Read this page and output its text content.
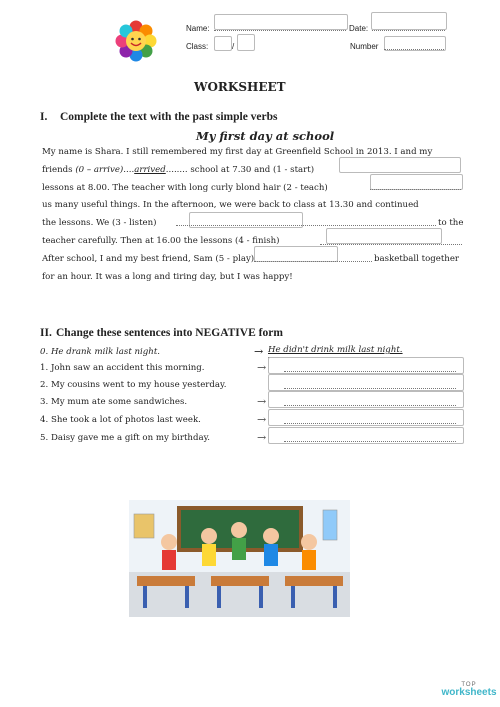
Name:	Date:
Class:	/	Number
WORKSHEET
I. Complete the text with the past simple verbs
My first day at school
My name is Shara. I still remembered my first day at Greenfield School in 2013. I and my
friends (0 – arrive)....arrived........ school at 7.30 and (1 - start)
lessons at 8.00. The teacher with long curly blond hair (2 - teach)
us many useful things. In the afternoon, we were back to class at 13.30 and continued
the lessons. We (3 - listen)	to the
teacher carefully. Then at 16.00 the lessons (4 - finish)
After school, I and my best friend, Sam (5 - play)	basketball together
for an hour. It was a long and tiring day, but I was happy!
II. Change these sentences into NEGATIVE form
0. He drank milk last night.	→ He didn't drink milk last night.
1. John saw an accident this morning.	→
2. My cousins went to my house yesterday.
3. My mum ate some sandwiches.	→
4. She took a lot of photos last week.	→
5. Daisy gave me a gift on my birthday.	→
TOP
worksheets
